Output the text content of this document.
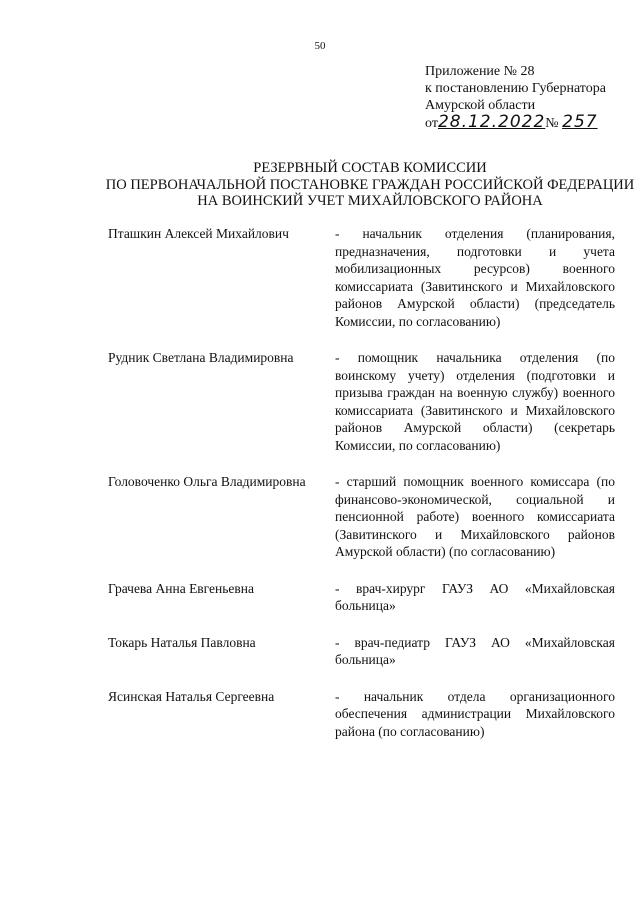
50
Приложение № 28
к постановлению Губернатора
Амурской области
от28.12.2022№ 257
РЕЗЕРВНЫЙ СОСТАВ КОМИССИИ
ПО ПЕРВОНАЧАЛЬНОЙ ПОСТАНОВКЕ ГРАЖДАН РОССИЙСКОЙ ФЕДЕРАЦИИ
НА ВОИНСКИЙ УЧЕТ МИХАЙЛОВСКОГО РАЙОНА
Пташкин Алексей Михайлович	- начальник отделения (планирования, предназначения, подготовки и учета мобилизационных ресурсов) военного комиссариата (Завитинского и Михайловского районов Амурской области) (председатель Комиссии, по согласованию)
Рудник Светлана Владимировна	- помощник начальника отделения (по воинскому учету) отделения (подготовки и призыва граждан на военную службу) военного комиссариата (Завитинского и Михайловского районов Амурской области) (секретарь Комиссии, по согласованию)
Головоченко Ольга Владимировна	- старший помощник военного комиссара (по финансово-экономической, социальной и пенсионной работе) военного комиссариата (Завитинского и Михайловского районов Амурской области) (по согласованию)
Грачева Анна Евгеньевна	- врач-хирург ГАУЗ АО «Михайловская больница»
Токарь Наталья Павловна	- врач-педиатр ГАУЗ АО «Михайловская больница»
Ясинская Наталья Сергеевна	- начальник отдела организационного обеспечения администрации Михайловского района (по согласованию)
